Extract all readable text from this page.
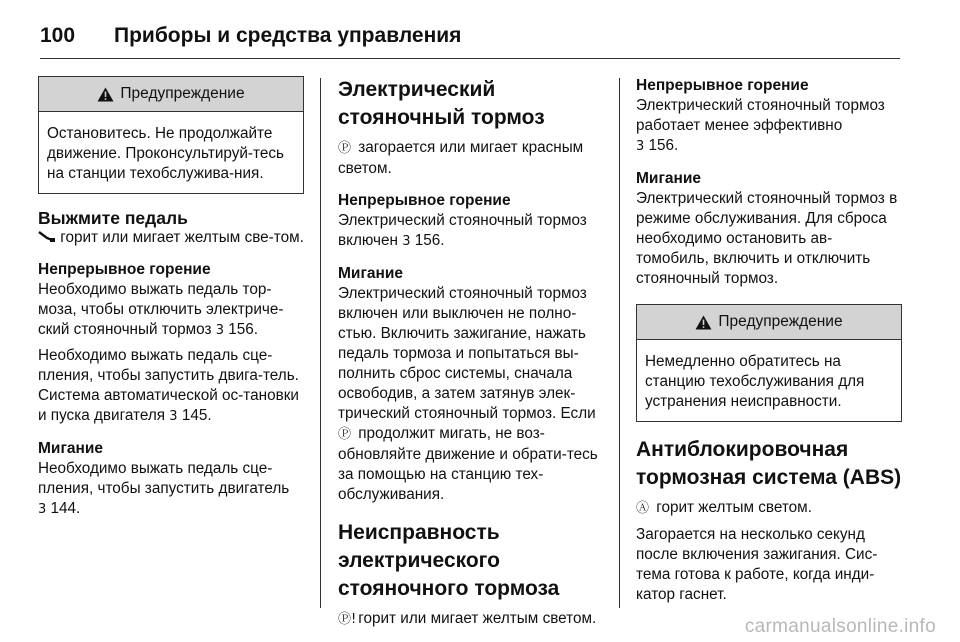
100	Приборы и средства управления
Предупреждение

Остановитесь. Не продолжайте движение. Проконсультируй-тесь на станции техобслужива-ния.

Выжмите педаль

горит или мигает желтым све-том.

Непрерывное горение

Необходимо выжать педаль тор-моза, чтобы отключить электриче-ский стояночный тормоз 3 156.

Необходимо выжать педаль сце-пления, чтобы запустить двига-тель. Система автоматической ос-тановки и пуска двигателя 3 145.

Мигание

Необходимо выжать педаль сце-пления, чтобы запустить двигатель
3 144.

Электрический стояночный тормоз

Ⓟ загорается или мигает красным светом.

Непрерывное горение

Электрический стояночный тормоз включен 3 156.

Мигание

Электрический стояночный тормоз включен или выключен не полно-стью. Включить зажигание, нажать педаль тормоза и попытаться вы-полнить сброс системы, сначала освободив, а затем затянув элек-трический стояночный тормоз. Если Ⓟ продолжит мигать, не воз-обновляйте движение и обрати-тесь за помощью на станцию тех-обслуживания.

Неисправность электрического стояночного тормоза

Ⓟ! горит или мигает желтым светом.

Непрерывное горение

Электрический стояночный тормоз работает менее эффективно
3 156.

Мигание

Электрический стояночный тормоз в режиме обслуживания. Для сброса необходимо остановить ав-томобиль, включить и отключить стояночный тормоз.

Предупреждение

Немедленно обратитесь на станцию техобслуживания для устранения неисправности.

Антиблокировочная тормозная система (ABS)

Ⓐ горит желтым светом.

Загорается на несколько секунд после включения зажигания. Сис-тема готова к работе, когда инди-катор гаснет.

carmanualsonline.info
